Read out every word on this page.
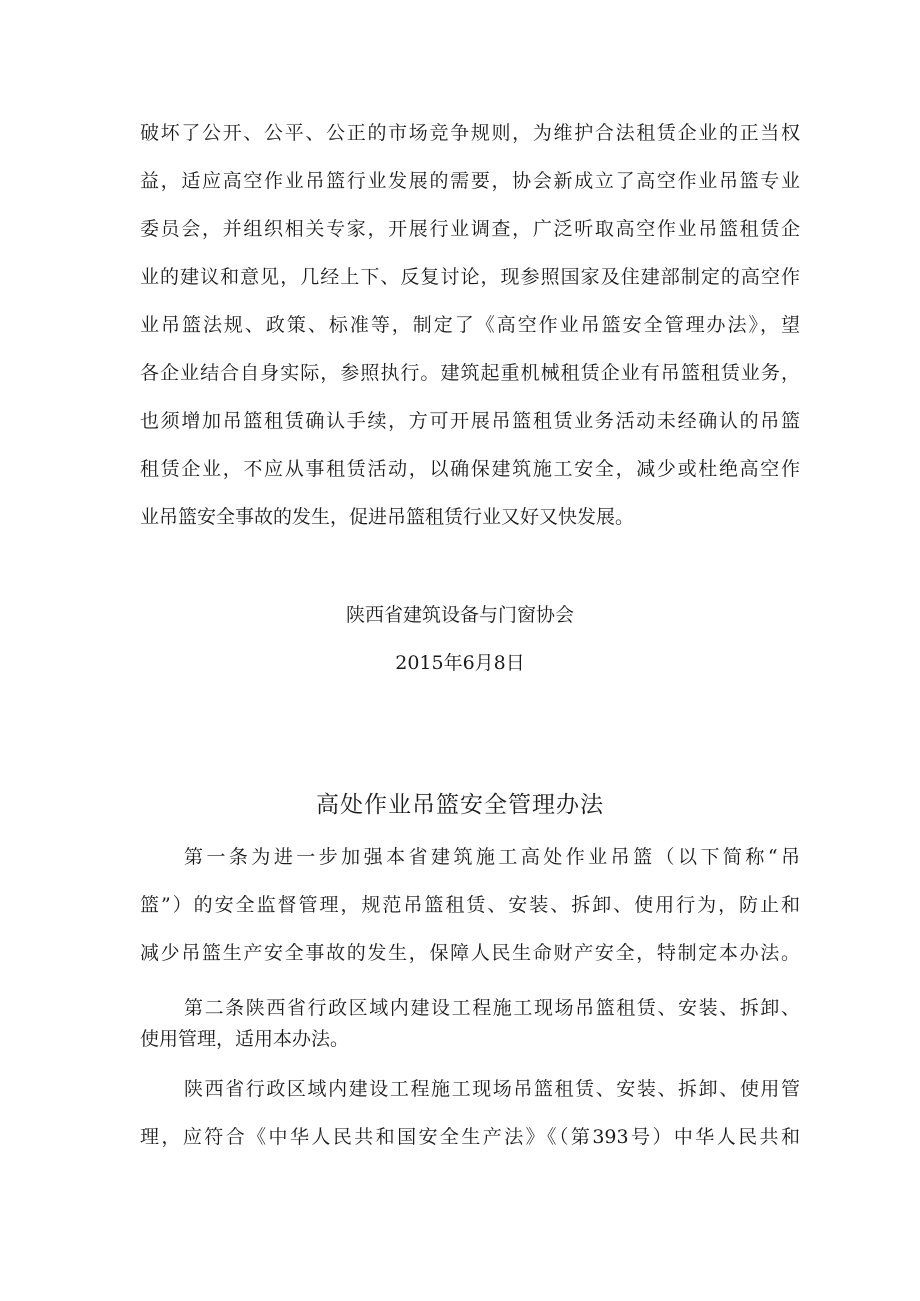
破坏了公开、公平、公正的市场竞争规则，为维护合法租赁企业的正当权
益，适应高空作业吊篮行业发展的需要，协会新成立了高空作业吊篮专业
委员会，并组织相关专家，开展行业调查，广泛听取高空作业吊篮租赁企
业的建议和意见，几经上下、反复讨论，现参照国家及住建部制定的高空作
业吊篮法规、政策、标准等，制定了《高空作业吊篮安全管理办法》，望
各企业结合自身实际，参照执行。建筑起重机械租赁企业有吊篮租赁业务，
也须增加吊篮租赁确认手续，方可开展吊篮租赁业务活动未经确认的吊篮
租赁企业，不应从事租赁活动，以确保建筑施工安全，减少或杜绝高空作
业吊篮安全事故的发生，促进吊篮租赁行业又好又快发展。
陕西省建筑设备与门窗协会
2015年6月8日
高处作业吊篮安全管理办法
第一条为进一步加强本省建筑施工高处作业吊篮（以下简称“吊
篮”）的安全监督管理，规范吊篮租赁、安装、拆卸、使用行为，防止和
减少吊篮生产安全事故的发生，保障人民生命财产安全，特制定本办法。
第二条陕西省行政区域内建设工程施工现场吊篮租赁、安装、拆卸、
使用管理，适用本办法。
陕西省行政区域内建设工程施工现场吊篮租赁、安装、拆卸、使用管
理，应符合《中华人民共和国安全生产法》《（第393号）中华人民共和
